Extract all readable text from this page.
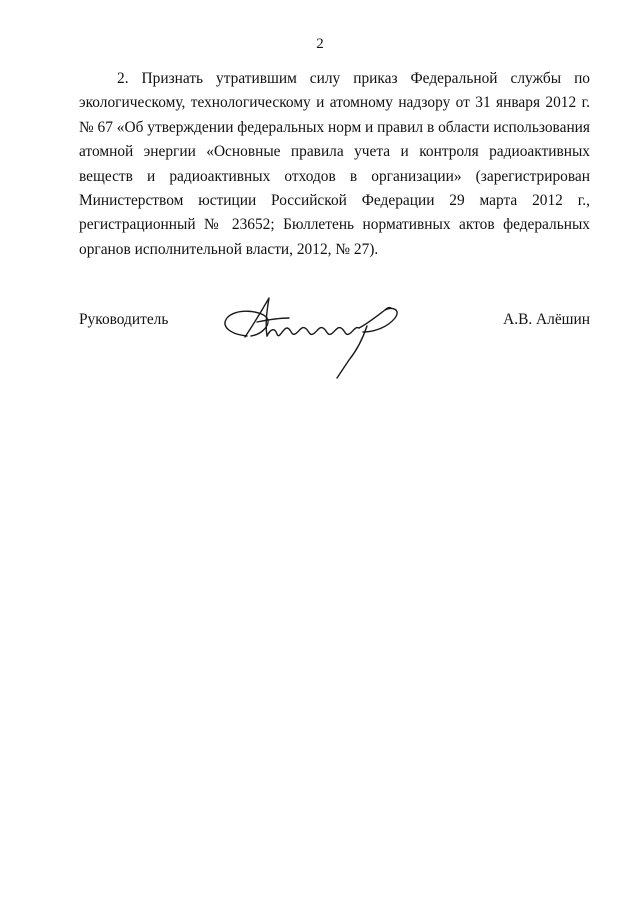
2

2. Признать утратившим силу приказ Федеральной службы по экологическому, технологическому и атомному надзору от 31 января 2012 г. № 67 «Об утверждении федеральных норм и правил в области использования атомной энергии «Основные правила учета и контроля радиоактивных веществ и радиоактивных отходов в организации» (зарегистрирован Министерством юстиции Российской Федерации 29 марта 2012 г., регистрационный № 23652; Бюллетень нормативных актов федеральных органов исполнительной власти, 2012, № 27).

Руководитель	А.В. Алёшин
